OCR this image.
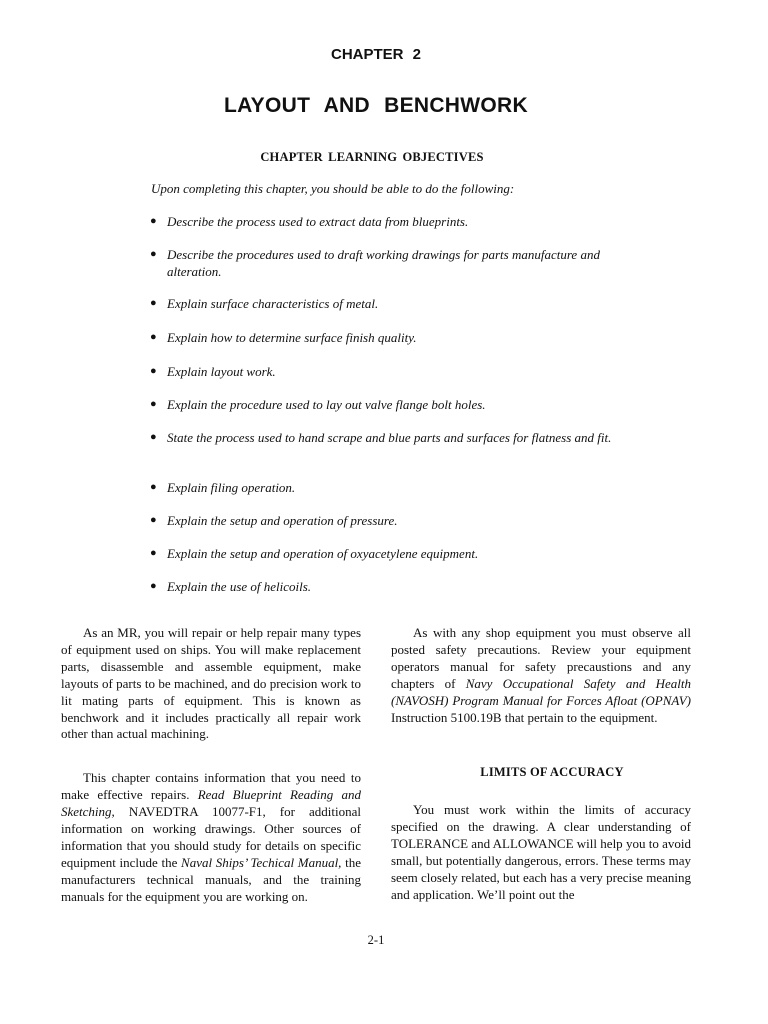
CHAPTER 2
LAYOUT AND BENCHWORK
CHAPTER LEARNING OBJECTIVES
Upon completing this chapter, you should be able to do the following:
● Describe the process used to extract data from blueprints.
● Describe the procedures used to draft working drawings for parts manufacture and alteration.
● Explain surface characteristics of metal.
● Explain how to determine surface finish quality.
● Explain layout work.
● Explain the procedure used to lay out valve flange bolt holes.
● State the process used to hand scrape and blue parts and surfaces for flatness and fit.
● Explain filing operation.
● Explain the setup and operation of pressure.
● Explain the setup and operation of oxyacetylene equipment.
● Explain the use of helicoils.

As an MR, you will repair or help repair many types of equipment used on ships. You will make replacement parts, disassemble and assemble equipment, make layouts of parts to be machined, and do precision work to lit mating parts of equipment. This is known as benchwork and it includes practically all repair work other than actual machining.

This chapter contains information that you need to make effective repairs. Read Blueprint Reading and Sketching, NAVEDTRA 10077-F1, for additional information on working drawings. Other sources of information that you should study for details on specific equipment include the Naval Ships’ Techical Manual, the manufacturers technical manuals, and the training manuals for the equipment you are working on.

As with any shop equipment you must observe all posted safety precautions. Review your equipment operators manual for safety precaustions and any chapters of Navy Occupational Safety and Health (NAVOSH) Program Manual for Forces Afloat (OPNAV) Instruction 5100.19B that pertain to the equipment.

LIMITS OF ACCURACY

You must work within the limits of accuracy specified on the drawing. A clear understanding of TOLERANCE and ALLOWANCE will help you to avoid small, but potentially dangerous, errors. These terms may seem closely related, but each has a very precise meaning and application. We’ll point out the

2-1
